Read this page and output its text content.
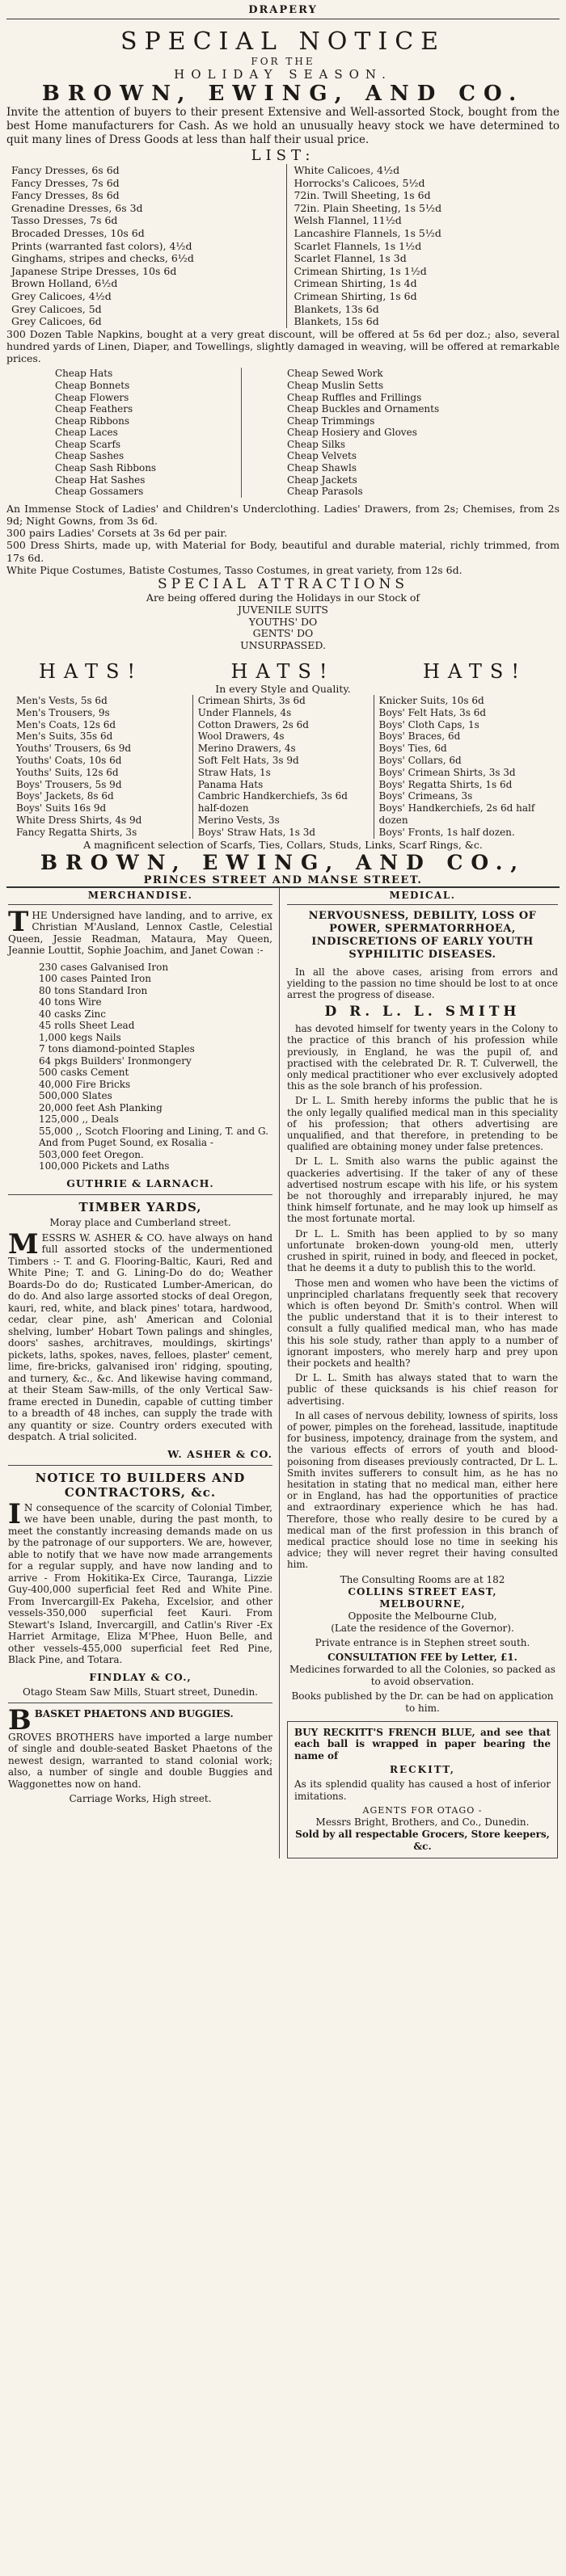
DRAPERY

SPECIAL NOTICE

FOR THE

HOLIDAY SEASON.

BROWN, EWING, AND CO.

Invite the attention of buyers to their present Extensive and Well-assorted Stock, bought from the best Home manufacturers for Cash. As we hold an unusually heavy stock we have determined to quit many lines of Dress Goods at less than half their usual price.

LIST:

Fancy Dresses, 6s 6d
Fancy Dresses, 7s 6d
Fancy Dresses, 8s 6d
Grenadine Dresses, 6s 3d
Tasso Dresses, 7s 6d
Brocaded Dresses, 10s 6d
Prints (warranted fast colors), 4½d
Ginghams, stripes and checks, 6½d
Japanese Stripe Dresses, 10s 6d
Brown Holland, 6½d
Grey Calicoes, 4½d
Grey Calicoes, 5d
Grey Calicoes, 6d
White Calicoes, 4½d
Horrocks's Calicoes, 5½d
72in. Twill Sheeting, 1s 6d
72in. Plain Sheeting, 1s 5½d
Welsh Flannel, 11½d
Lancashire Flannels, 1s 5½d
Scarlet Flannels, 1s 1½d
Scarlet Flannel, 1s 3d
Crimean Shirting, 1s 1½d
Crimean Shirting, 1s 4d
Crimean Shirting, 1s 6d
Blankets, 13s 6d
Blankets, 15s 6d

300 Dozen Table Napkins, bought at a very great discount, will be offered at 5s 6d per doz.; also, several hundred yards of Linen, Diaper, and Towellings, slightly damaged in weaving, will be offered at remarkable prices.

Cheap Hats
Cheap Bonnets
Cheap Flowers
Cheap Feathers
Cheap Ribbons
Cheap Laces
Cheap Scarfs
Cheap Sashes
Cheap Sash Ribbons
Cheap Hat Sashes
Cheap Gossamers
Cheap Sewed Work
Cheap Muslin Setts
Cheap Ruffles and Frillings
Cheap Buckles and Ornaments
Cheap Trimmings
Cheap Hosiery and Gloves
Cheap Silks
Cheap Velvets
Cheap Shawls
Cheap Jackets
Cheap Parasols

An Immense Stock of Ladies' and Children's Underclothing. Ladies' Drawers, from 2s; Chemises, from 2s 9d; Night Gowns, from 3s 6d.

300 pairs Ladies' Corsets at 3s 6d per pair.

500 Dress Shirts, made up, with Material for Body, beautiful and durable material, richly trimmed, from 17s 6d.

White Pique Costumes, Batiste Costumes, Tasso Costumes, in great variety, from 12s 6d.

SPECIAL ATTRACTIONS

Are being offered during the Holidays in our Stock of

JUVENILE SUITS
YOUTHS' DO
GENTS' DO
UNSURPASSED.
HATS!	HATS!	HATS!

In every Style and Quality.

Men's Vests, 5s 6d
Men's Trousers, 9s
Men's Coats, 12s 6d
Men's Suits, 35s 6d
Youths' Trousers, 6s 9d
Youths' Coats, 10s 6d
Youths' Suits, 12s 6d
Boys' Trousers, 5s 9d
Boys' Jackets, 8s 6d
Boys' Suits 16s 9d
White Dress Shirts, 4s 9d
Fancy Regatta Shirts, 3s
Crimean Shirts, 3s 6d
Under Flannels, 4s
Cotton Drawers, 2s 6d
Wool Drawers, 4s
Merino Drawers, 4s
Soft Felt Hats, 3s 9d
Straw Hats, 1s
Panama Hats
Cambric Handkerchiefs, 3s 6d half-dozen
Merino Vests, 3s
Boys' Straw Hats, 1s 3d
Knicker Suits, 10s 6d
Boys' Felt Hats, 3s 6d
Boys' Cloth Caps, 1s
Boys' Braces, 6d
Boys' Ties, 6d
Boys' Collars, 6d
Boys' Crimean Shirts, 3s 3d
Boys' Regatta Shirts, 1s 6d
Boys' Crimeans, 3s
Boys' Handkerchiefs, 2s 6d half dozen
Boys' Fronts, 1s half dozen.

A magnificent selection of Scarfs, Ties, Collars, Studs, Links, Scarf Rings, &c.

BROWN, EWING, AND CO.,

PRINCES STREET AND MANSE STREET.

MERCHANDISE.
T HE Undersigned have landing, and to arrive, ex Christian M'Ausland, Lennox Castle, Celestial Queen, Jessie Readman, Mataura, May Queen, Jeannie Louttit, Sophie Joachim, and Janet Cowan :-
230 cases Galvanised Iron
100 cases Painted Iron
80 tons Standard Iron
40 tons Wire
40 casks Zinc
45 rolls Sheet Lead
1,000 kegs Nails
7 tons diamond-pointed Staples
64 pkgs Builders' Ironmongery
500 casks Cement
40,000 Fire Bricks
500,000 Slates
20,000 feet Ash Planking
125,000 ,, Deals
55,000 ,, Scotch Flooring and Lining, T. and G.
And from Puget Sound, ex Rosalia -
503,000 feet Oregon.
100,000 Pickets and Laths
GUTHRIE & LARNACH.
TIMBER YARDS,
Moray place and Cumberland street.
M ESSRS W. ASHER & CO. have always on hand full assorted stocks of the undermentioned Timbers :- T. and G. Flooring-Baltic, Kauri, Red and White Pine; T. and G. Lining-Do do do; Weather Boards-Do do do; Rusticated Lumber-American, do do do. And also large assorted stocks of deal Oregon, kauri, red, white, and black pines' totara, hardwood, cedar, clear pine, ash' American and Colonial shelving, lumber' Hobart Town palings and shingles, doors' sashes, architraves, mouldings, skirtings' pickets, laths, spokes, naves, felloes, plaster' cement, lime, fire-bricks, galvanised iron' ridging, spouting, and turnery, &c., &c. And likewise having command, at their Steam Saw-mills, of the only Vertical Saw-frame erected in Dunedin, capable of cutting timber to a breadth of 48 inches, can supply the trade with any quantity or size. Country orders executed with despatch. A trial solicited.
W. ASHER & CO.
NOTICE TO BUILDERS AND CONTRACTORS, &c.
I N consequence of the scarcity of Colonial Timber, we have been unable, during the past month, to meet the constantly increasing demands made on us by the patronage of our supporters. We are, however, able to notify that we have now made arrangements for a regular supply, and have now landing and to arrive - From Hokitika-Ex Circe, Tauranga, Lizzie Guy-400,000 superficial feet Red and White Pine. From Invercargill-Ex Pakeha, Excelsior, and other vessels-350,000 superficial feet Kauri. From Stewart's Island, Invercargill, and Catlin's River -Ex Harriet Armitage, Eliza M'Phee, Huon Belle, and other vessels-455,000 superficial feet Red Pine, Black Pine, and Totara.
FINDLAY & CO.,
Otago Steam Saw Mills, Stuart street, Dunedin.
B BASKET PHAETONS AND BUGGIES.
GROVES BROTHERS have imported a large number of single and double-seated Basket Phaetons of the newest design, warranted to stand colonial work; also, a number of single and double Buggies and Waggonettes now on hand.
Carriage Works, High street.
MEDICAL.
NERVOUSNESS, DEBILITY, LOSS OF POWER, SPERMATORRHOEA, INDISCRETIONS OF EARLY YOUTH SYPHILITIC DISEASES.

In all the above cases, arising from errors and yielding to the passion no time should be lost to at once arrest the progress of disease.

D R. L. L. SMITH

has devoted himself for twenty years in the Colony to the practice of this branch of his profession while previously, in England, he was the pupil of, and practised with the celebrated Dr. R. T. Culverwell, the only medical practitioner who ever exclusively adopted this as the sole branch of his profession.

Dr L. L. Smith hereby informs the public that he is the only legally qualified medical man in this speciality of his profession; that others advertising are unqualified, and that therefore, in pretending to be qualified are obtaining money under false pretences.

Dr L. L. Smith also warns the public against the quackeries advertising. If the taker of any of these advertised nostrum escape with his life, or his system be not thoroughly and irreparably injured, he may think himself fortunate, and he may look up himself as the most fortunate mortal.

Dr L. L. Smith has been applied to by so many unfortunate broken-down young-old men, utterly crushed in spirit, ruined in body, and fleeced in pocket, that he deems it a duty to publish this to the world.

Those men and women who have been the victims of unprincipled charlatans frequently seek that recovery which is often beyond Dr. Smith's control. When will the public understand that it is to their interest to consult a fully qualified medical man, who has made this his sole study, rather than apply to a number of ignorant imposters, who merely harp and prey upon their pockets and health?

Dr L. L. Smith has always stated that to warn the public of these quicksands is his chief reason for advertising.

In all cases of nervous debility, lowness of spirits, loss of power, pimples on the forehead, lassitude, inaptitude for business, impotency, drainage from the system, and the various effects of errors of youth and blood-poisoning from diseases previously contracted, Dr L. L. Smith invites sufferers to consult him, as he has no hesitation in stating that no medical man, either here or in England, has had the opportunities of practice and extraordinary experience which he has had. Therefore, those who really desire to be cured by a medical man of the first profession in this branch of medical practice should lose no time in seeking his advice; they will never regret their having consulted him.

The Consulting Rooms are at 182
COLLINS STREET EAST,
MELBOURNE,
Opposite the Melbourne Club,
(Late the residence of the Governor).
Private entrance is in Stephen street south.
CONSULTATION FEE by Letter, £1.
Medicines forwarded to all the Colonies, so packed as to avoid observation.
Books published by the Dr. can be had on application to him.
BUY RECKITT'S FRENCH BLUE, and see that each ball is wrapped in paper bearing the name of
RECKITT,
As its splendid quality has caused a host of inferior imitations.
AGENTS FOR OTAGO -
Messrs Bright, Brothers, and Co., Dunedin.
Sold by all respectable Grocers, Store keepers, &c.
